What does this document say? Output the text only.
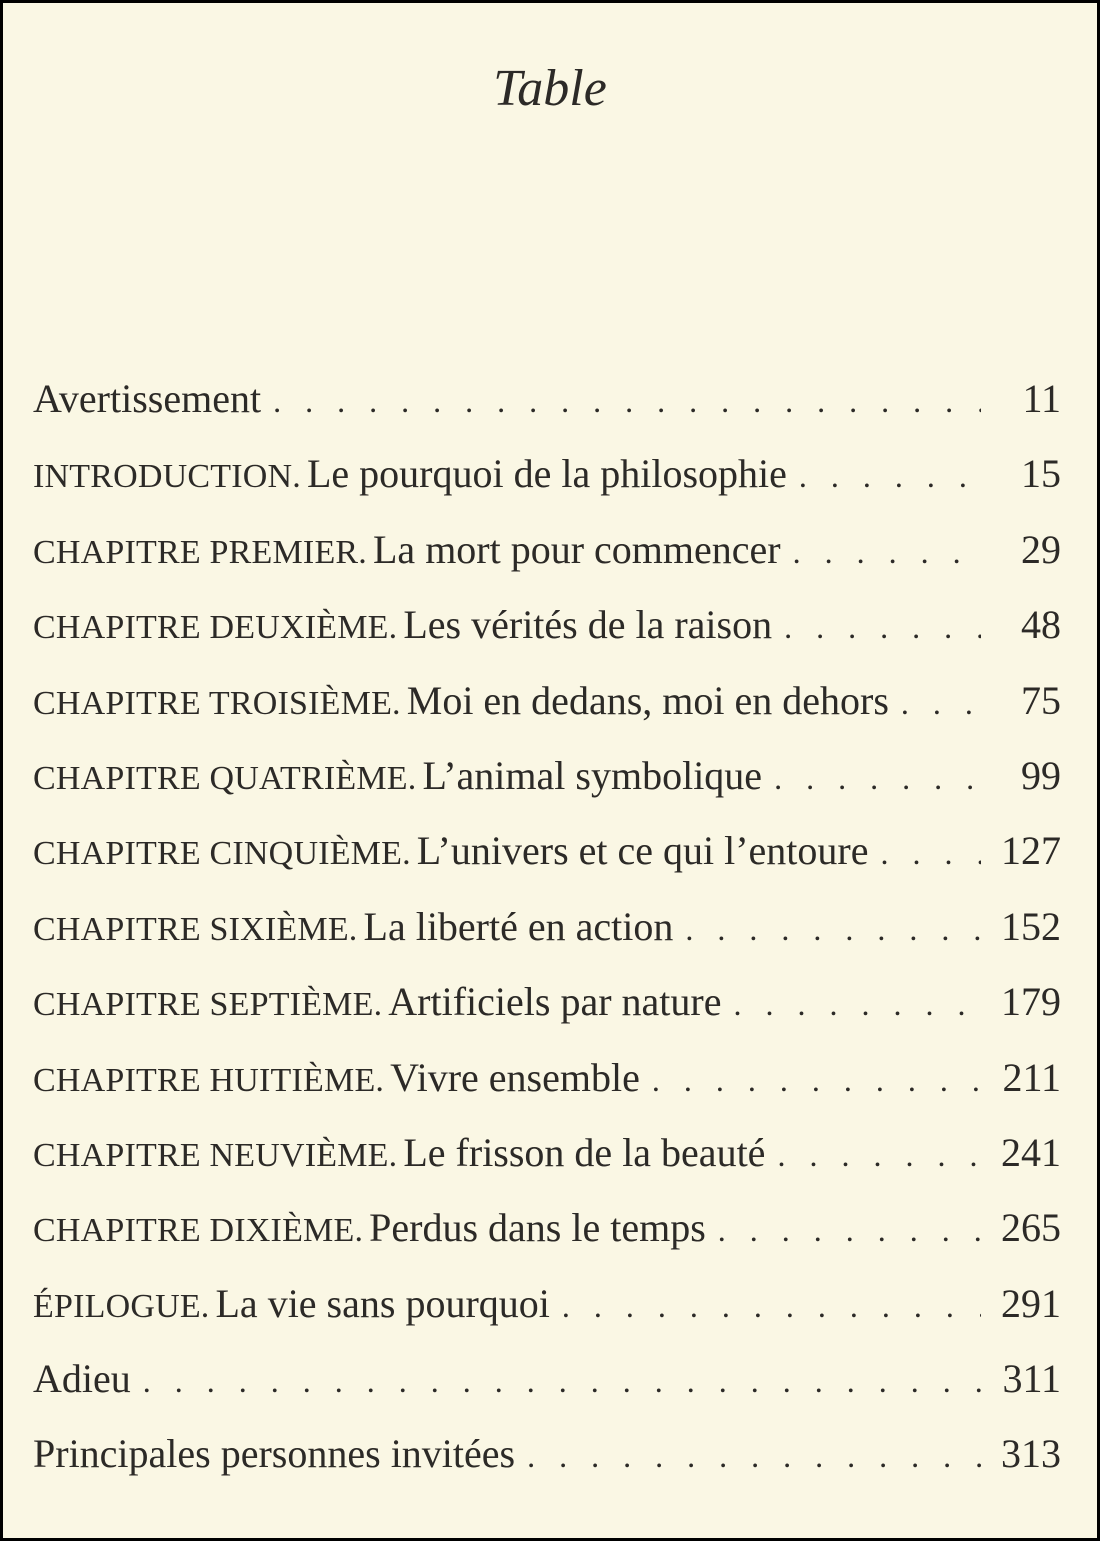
Table
Avertissement . . .	11
INTRODUCTION. Le pourquoi de la philosophie . . .	15
CHAPITRE PREMIER. La mort pour commencer . . .	29
CHAPITRE DEUXIÈME. Les vérités de la raison . . .	48
CHAPITRE TROISIÈME. Moi en dedans, moi en dehors . . .	75
CHAPITRE QUATRIÈME. L’animal symbolique . . .	99
CHAPITRE CINQUIÈME. L’univers et ce qui l’entoure . . .	127
CHAPITRE SIXIÈME. La liberté en action . . .	152
CHAPITRE SEPTIÈME. Artificiels par nature . . .	179
CHAPITRE HUITIÈME. Vivre ensemble . . .	211
CHAPITRE NEUVIÈME. Le frisson de la beauté . . .	241
CHAPITRE DIXIÈME. Perdus dans le temps . . .	265
ÉPILOGUE. La vie sans pourquoi . . .	291
Adieu . . .	311
Principales personnes invitées . . .	313
